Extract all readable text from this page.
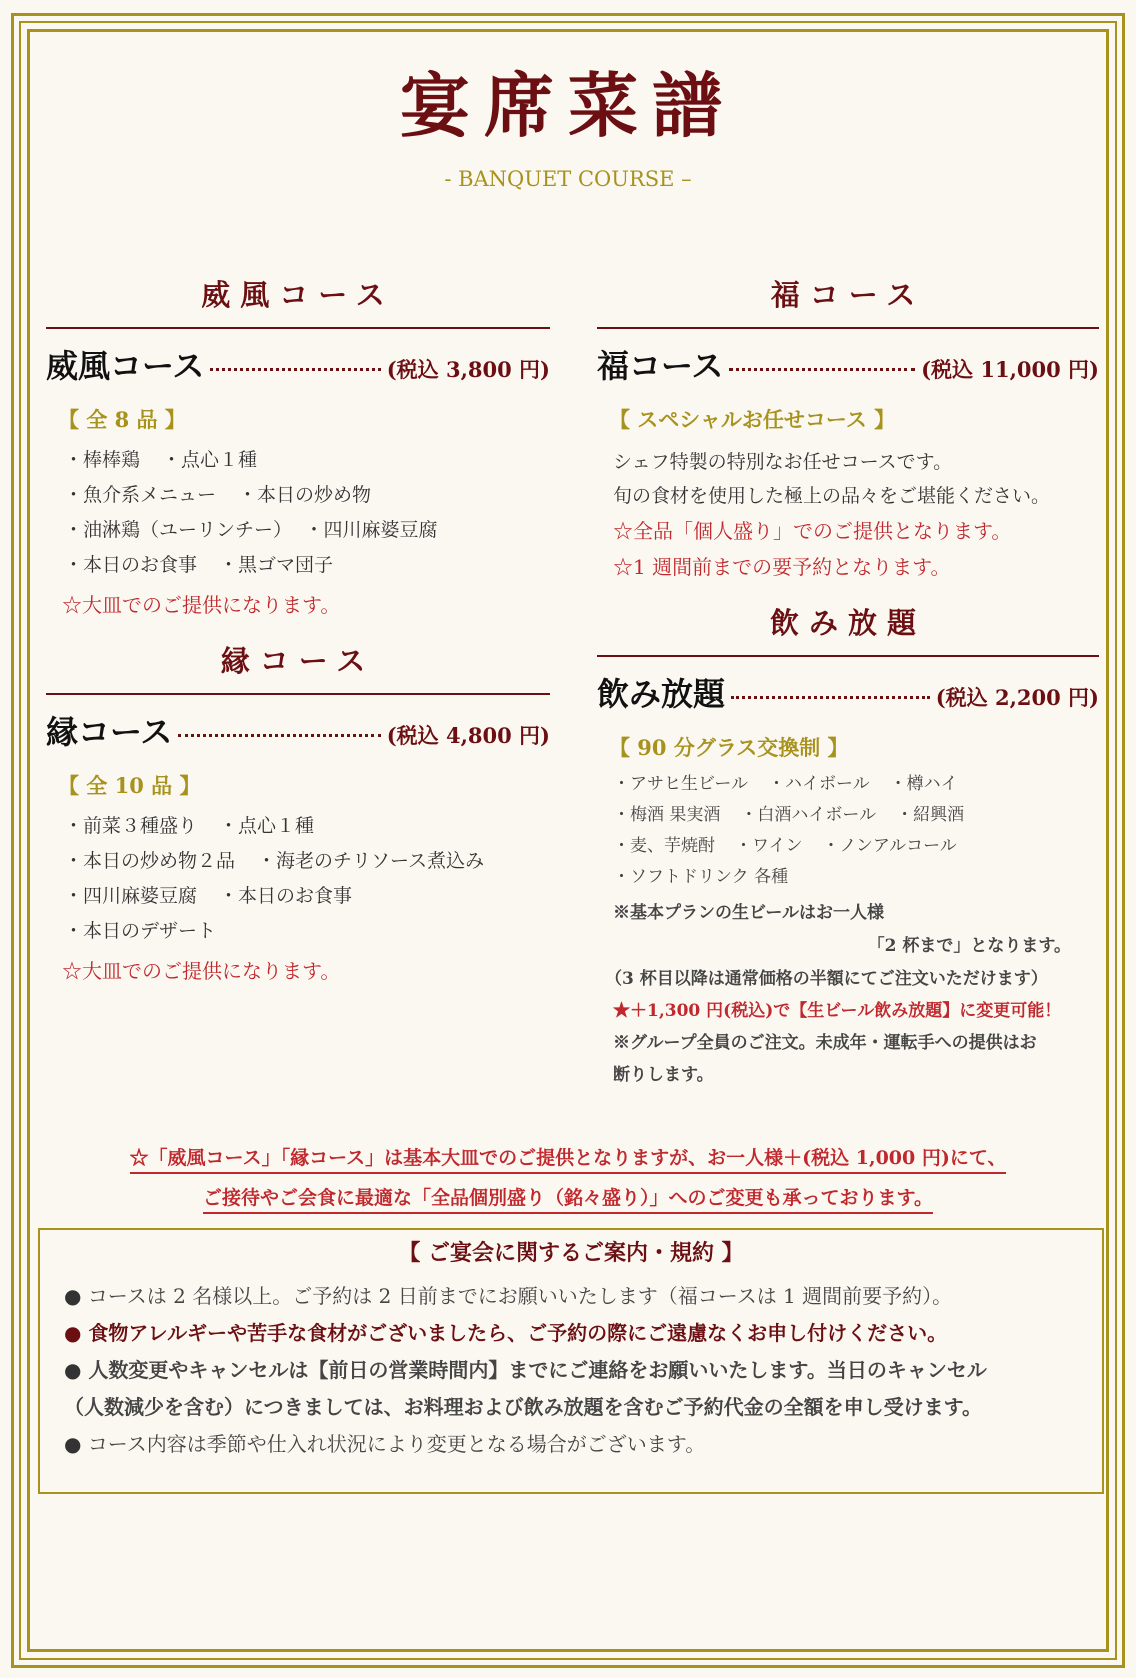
宴席菜譜
- BANQUET COURSE –
威風コース
威風コース	(税込 3,800 円)
【 全 8 品 】
・棒棒鶏 ・点心１種
・魚介系メニュー ・本日の炒め物
・油淋鶏（ユーリンチー） ・四川麻婆豆腐
・本日のお食事 ・黒ゴマ団子
☆大皿でのご提供になります。
縁コース
縁コース	(税込 4,800 円)
【 全 10 品 】
・前菜３種盛り ・点心１種
・本日の炒め物２品 ・海老のチリソース煮込み
・四川麻婆豆腐 ・本日のお食事
・本日のデザート
☆大皿でのご提供になります。
福コース
福コース	(税込 11,000 円)
【 スペシャルお任せコース 】
シェフ特製の特別なお任せコースです。
旬の食材を使用した極上の品々をご堪能ください。
☆全品「個人盛り」でのご提供となります。
☆1 週間前までの要予約となります。
飲み放題
飲み放題	(税込 2,200 円)
【 90 分グラス交換制 】
・アサヒ生ビール ・ハイボール ・樽ハイ
・梅酒 果実酒 ・白酒ハイボール ・紹興酒
・麦、芋焼酎 ・ワイン ・ノンアルコール
・ソフトドリンク 各種
※基本プランの生ビールはお一人様
「2 杯まで」となります。
（3 杯目以降は通常価格の半額にてご注文いただけます）
★＋1,300 円(税込)で【生ビール飲み放題】に変更可能！
※グループ全員のご注文。未成年・運転手への提供はお
断りします。
☆「威風コース」「縁コース」は基本大皿でのご提供となりますが、お一人様＋(税込 1,000 円)にて、
ご接待やご会食に最適な「全品個別盛り（銘々盛り）」へのご変更も承っております。
【 ご宴会に関するご案内・規約 】
● コースは 2 名様以上。ご予約は 2 日前までにお願いいたします（福コースは 1 週間前要予約）。
● 食物アレルギーや苦手な食材がございましたら、ご予約の際にご遠慮なくお申し付けください。
● 人数変更やキャンセルは【前日の営業時間内】までにご連絡をお願いいたします。当日のキャンセル
（人数減少を含む）につきましては、お料理および飲み放題を含むご予約代金の全額を申し受けます。
● コース内容は季節や仕入れ状況により変更となる場合がございます。
